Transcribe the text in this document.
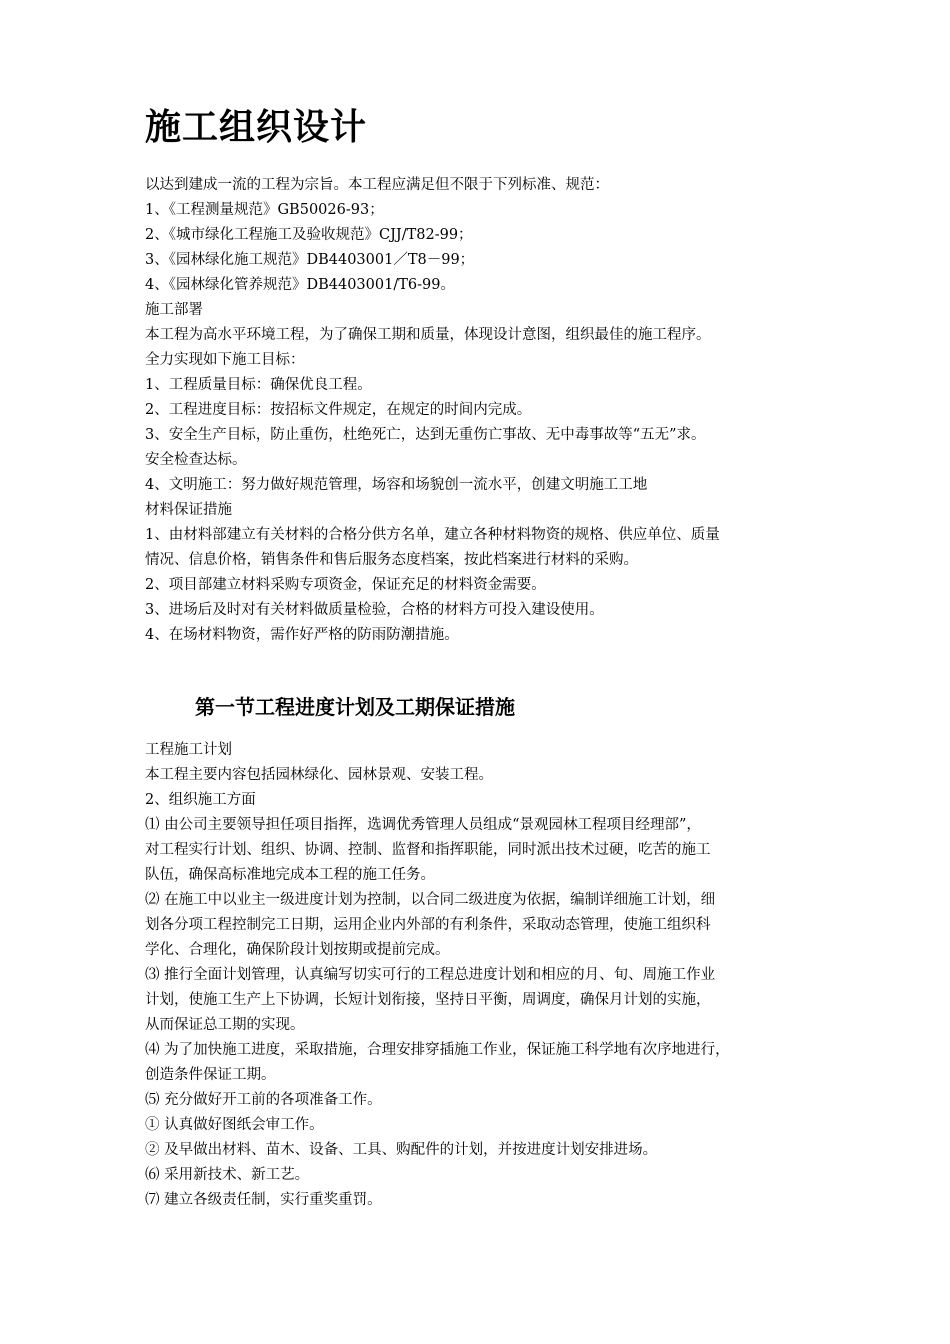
施工组织设计

以达到建成一流的工程为宗旨。本工程应满足但不限于下列标准、规范：

1、《工程测量规范》GB50026-93；

2、《城市绿化工程施工及验收规范》CJJ/T82-99；

3、《园林绿化施工规范》DB4403001／T8－99；

4、《园林绿化管养规范》DB4403001/T6-99。

施工部署

本工程为高水平环境工程，为了确保工期和质量，体现设计意图，组织最佳的施工程序。

全力实现如下施工目标：

1、工程质量目标：确保优良工程。

2、工程进度目标：按招标文件规定，在规定的时间内完成。

3、安全生产目标，防止重伤，杜绝死亡，达到无重伤亡事故、无中毒事故等“五无”求。

安全检查达标。

4、文明施工：努力做好规范管理，场容和场貌创一流水平，创建文明施工工地

材料保证措施

1、由材料部建立有关材料的合格分供方名单，建立各种材料物资的规格、供应单位、质量

情况、信息价格，销售条件和售后服务态度档案，按此档案进行材料的采购。

2、项目部建立材料采购专项资金，保证充足的材料资金需要。

3、进场后及时对有关材料做质量检验，合格的材料方可投入建设使用。

4、在场材料物资，需作好严格的防雨防潮措施。

第一节工程进度计划及工期保证措施

工程施工计划

本工程主要内容包括园林绿化、园林景观、安装工程。

2、组织施工方面

⑴ 由公司主要领导担任项目指挥，选调优秀管理人员组成“景观园林工程项目经理部”，

对工程实行计划、组织、协调、控制、监督和指挥职能，同时派出技术过硬，吃苦的施工

队伍，确保高标准地完成本工程的施工任务。

⑵ 在施工中以业主一级进度计划为控制，以合同二级进度为依据，编制详细施工计划，细

划各分项工程控制完工日期，运用企业内外部的有利条件，采取动态管理，使施工组织科

学化、合理化，确保阶段计划按期或提前完成。

⑶ 推行全面计划管理，认真编写切实可行的工程总进度计划和相应的月、旬、周施工作业

计划，使施工生产上下协调，长短计划衔接，坚持日平衡，周调度，确保月计划的实施，

从而保证总工期的实现。

⑷ 为了加快施工进度，采取措施，合理安排穿插施工作业，保证施工科学地有次序地进行，

创造条件保证工期。

⑸ 充分做好开工前的各项准备工作。

① 认真做好图纸会审工作。

② 及早做出材料、苗木、设备、工具、购配件的计划，并按进度计划安排进场。

⑹ 采用新技术、新工艺。

⑺ 建立各级责任制，实行重奖重罚。
